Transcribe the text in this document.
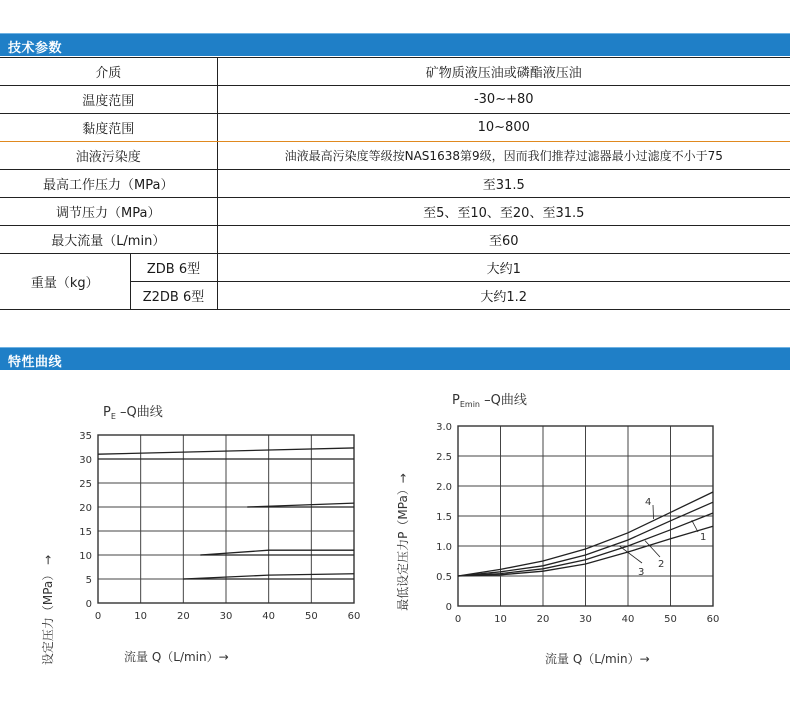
技术参数
介质		矿物质液压油或磷酯液压油
温度范围		-30~+80
黏度范围		10~800
油液污染度		油液最高污染度等级按NAS1638第9级，因而我们推荐过滤器最小过滤度不小于75
最高工作压力（MPa）		至31.5
调节压力（MPa）		至5、至10、至20、至31.5
最大流量（L/min）		至60
重量（kg）	ZDB 6型	大约1
	Z2DB 6型	大约1.2
特性曲线
$P_E$ –Q曲线
0	10	20	30	40	50	60
0
5
10
15
20
25
30
35
流量 Q（L/min）→
设定压力（MPa） →
$P_{Emin}$ –Q曲线
0	10	20	30	40	50	60
0
0.5
1.0
1.5
2.0
2.5
3.0
1
2
3
4
流量 Q（L/min）→
最低设定压力P（MPa）→
